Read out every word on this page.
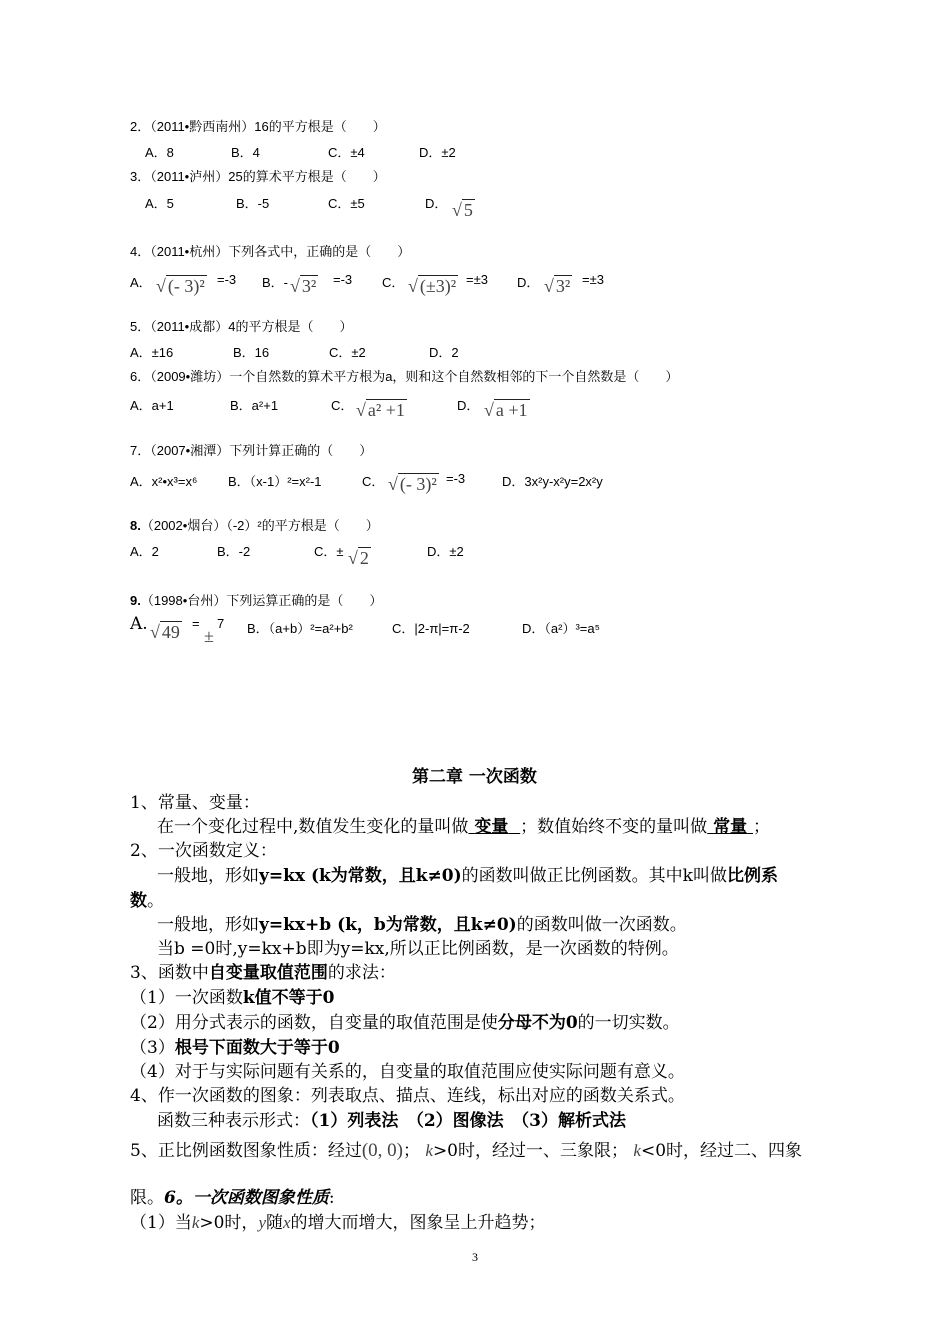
2．（2011•黔西南州）16的平方根是（　　）
A．8	B．4	C．±4	D．±2
3．（2011•泸州）25的算术平方根是（　　）
A．5	B．-5	C．±5	D． √ 5
4．（2011•杭州）下列各式中，正确的是（　　）
A． √ (- 3)² =-3 B．- √ 3² =-3 C． √ (±3)² =±3 D． √ 3² =±3
5．（2011•成都）4的平方根是（　　）
A．±16	B．16	C．±2	D．2
6．（2009•潍坊）一个自然数的算术平方根为a，则和这个自然数相邻的下一个自然数是（　　）
A．a+1	B．a²+1	C． √ a² +1	D． √ a +1
7．（2007•湘潭）下列计算正确的（　　）
A．x²•x³=x⁶ B．（x-1）²=x²-1	C． √ (- 3)² =-3	D．3x²y-x²y=2x²y
8.（2002•烟台）（-2）²的平方根是（　　）
A．2	B．-2	C．± √ 2	D．±2
9.（1998•台州）下列运算正确的是（　　）
A. √ 49 =
±
7 B．（a+b）²=a²+b²	C．|2-π|=π-2	D．（a²）³=a⁵
第二章 一次函数
1、常量、变量：
在一个变化过程中,数值发生变化的量叫做 变量 ；数值始终不变的量叫做 常量 ；
2、一次函数定义：
一般地，形如y=kx (k为常数，且k≠0)的函数叫做正比例函数。其中k叫做比例系
数。
一般地，形如y=kx+b (k，b为常数，且k≠0)的函数叫做一次函数。
当b =0时,y=kx+b即为y=kx,所以正比例函数，是一次函数的特例。
3、函数中自变量取值范围的求法：
（1）一次函数k值不等于0
（2）用分式表示的函数，自变量的取值范围是使分母不为0的一切实数。
（3）根号下面数大于等于0
（4）对于与实际问题有关系的，自变量的取值范围应使实际问题有意义。
4、作一次函数的图象：列表取点、描点、连线，标出对应的函数关系式。
函数三种表示形式：（1）列表法　（2）图像法　（3）解析式法
5、正比例函数图象性质：经过(0, 0)； k>0时，经过一、三象限； k<0时，经过二、四象
限。6。一次函数图象性质:
（1）当k>0时，y随x的增大而增大，图象呈上升趋势；
3
